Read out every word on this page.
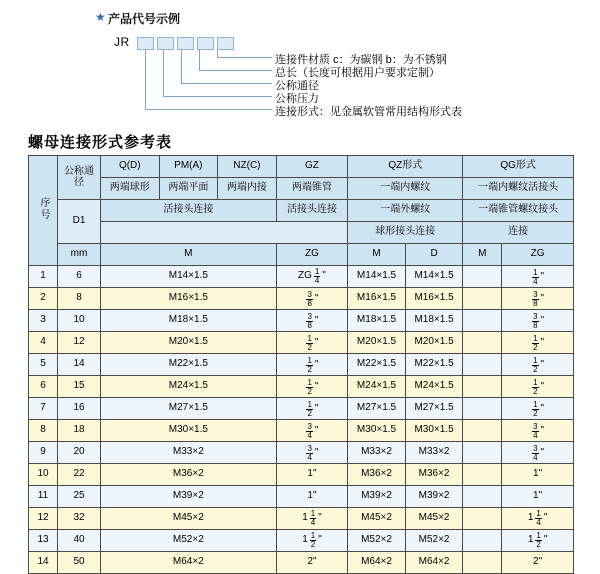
★ 产品代号示例
JR
连接件材质 c：为碳钢 b：为不锈钢
总长（长度可根据用户要求定制）
公称通径
公称压力
连接形式：见金属软管常用结构形式表
螺母连接形式参考表
序号	公称通径	Q(D)	PM(A)	NZ(C)	GZ	QZ形式		QG形式	
		两端球形	两端平面	两端内接	两端锥管	一端内螺纹		一端内螺纹活接头	
	D1	活接头连接			活接头连接	一端外螺纹		一端锥管螺纹接头	
						球形接头连接		连接	
	mm	M			ZG	M	D	M	ZG
1	6	M14×1.5			ZG $\frac{1}{4}$ "	M14×1.5	M14×1.5		$\frac{1}{4}$ "

2	8	M16×1.5			$\frac{3}{8}$ "	M16×1.5	M16×1.5		$\frac{3}{8}$ "

3	10	M18×1.5			$\frac{3}{8}$ "	M18×1.5	M18×1.5		$\frac{3}{8}$ "

4	12	M20×1.5			$\frac{1}{2}$ "	M20×1.5	M20×1.5		$\frac{1}{2}$ "

5	14	M22×1.5			$\frac{1}{2}$ "	M22×1.5	M22×1.5		$\frac{1}{2}$ "

6	15	M24×1.5			$\frac{1}{2}$ "	M24×1.5	M24×1.5		$\frac{1}{2}$ "

7	16	M27×1.5			$\frac{1}{2}$ "	M27×1.5	M27×1.5		$\frac{1}{2}$ "

8	18	M30×1.5			$\frac{3}{4}$ "	M30×1.5	M30×1.5		$\frac{3}{4}$ "

9	20	M33×2			$\frac{3}{4}$ "	M33×2	M33×2		$\frac{3}{4}$ "

10	22	M36×2			1"	M36×2	M36×2		1"
11	25	M39×2			1"	M39×2	M39×2		1"
12	32	M45×2			$1 \frac{1}{4}$ "	M45×2	M45×2		$1 \frac{1}{4}$ "

13	40	M52×2			$1 \frac{1}{2}$ "	M52×2	M52×2		$1 \frac{1}{2}$ "

14	50	M64×2			2"	M64×2	M64×2		2"
